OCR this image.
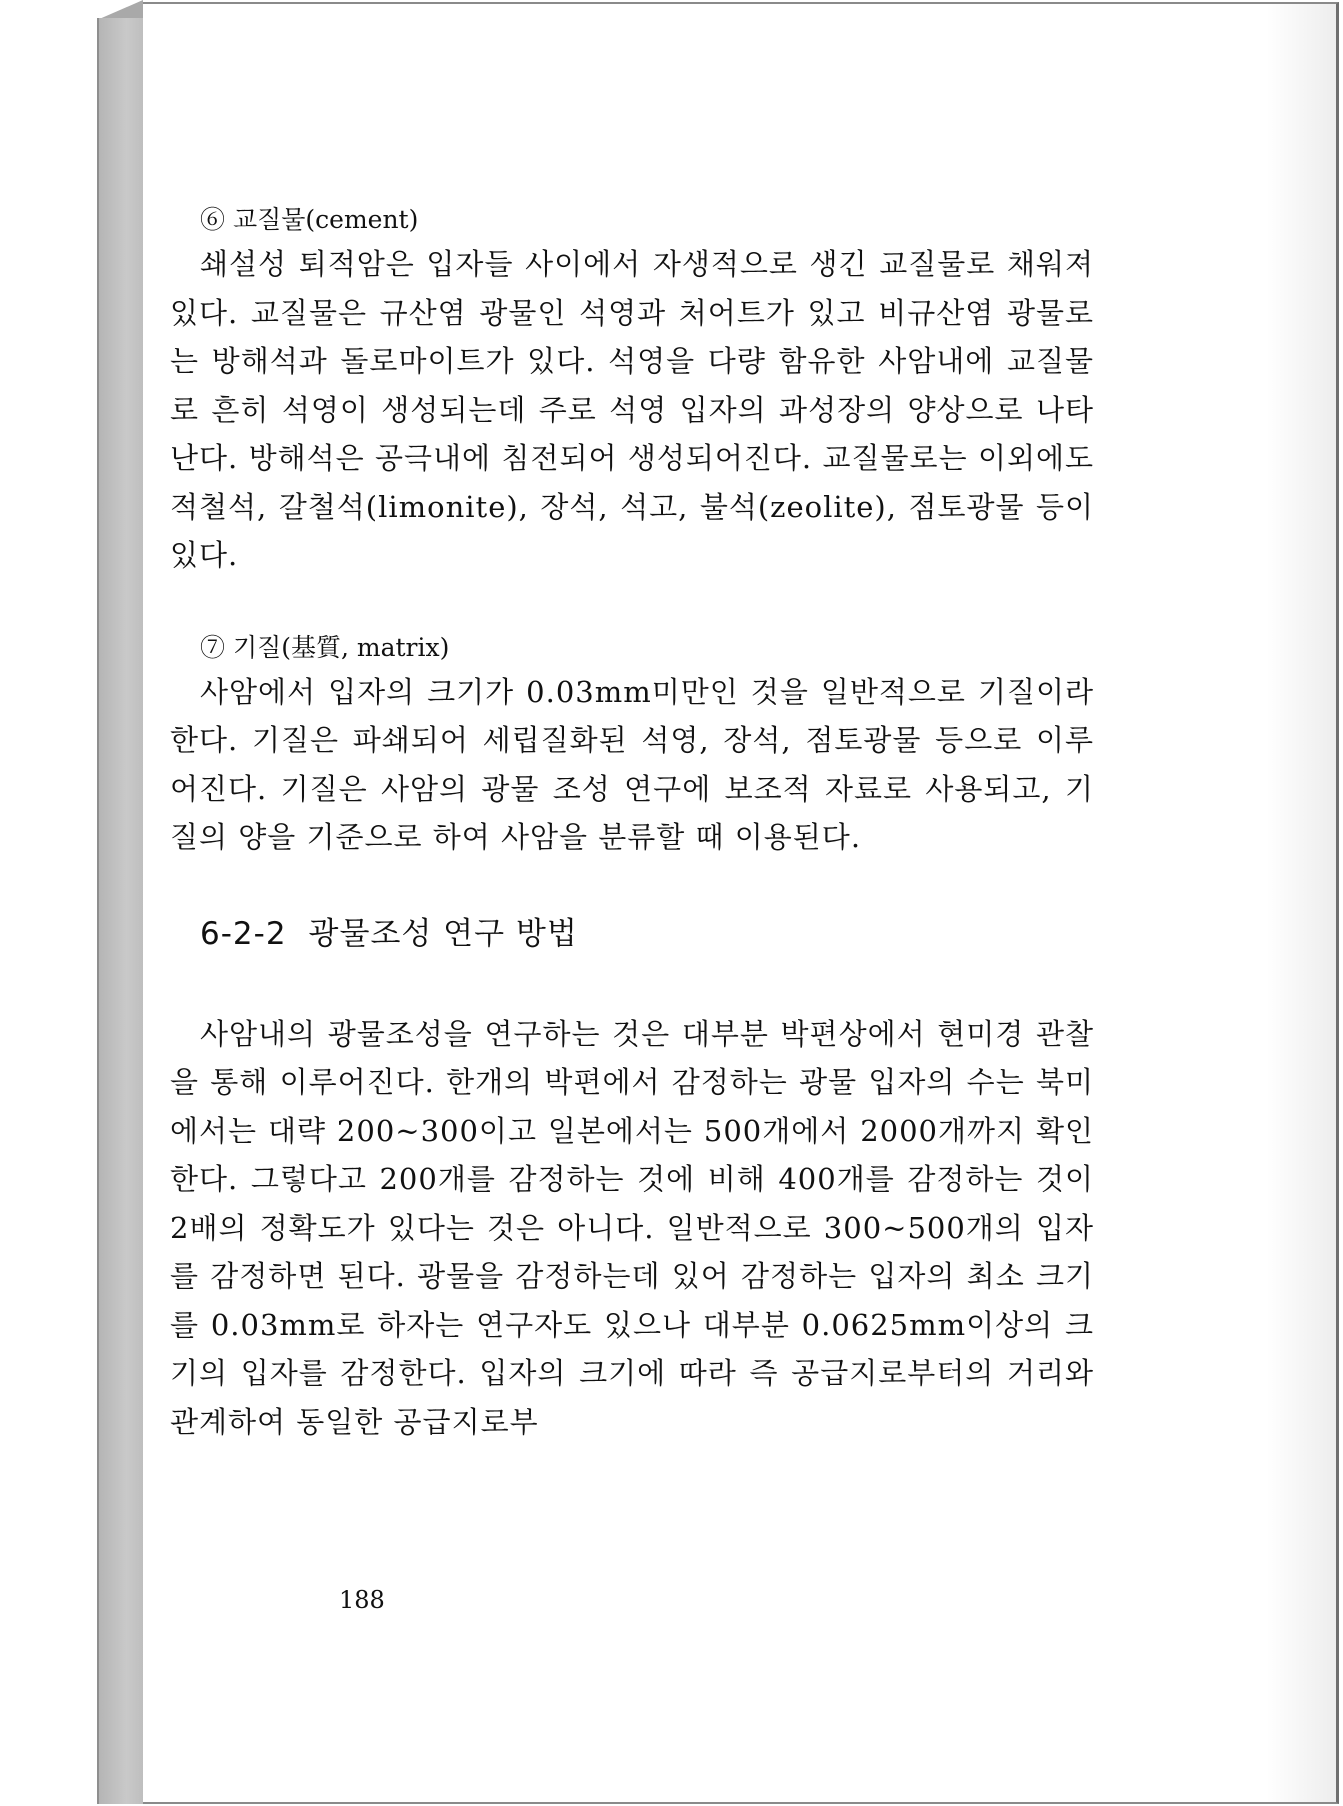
⑥ 교질물(cement)

쇄설성 퇴적암은 입자들 사이에서 자생적으로 생긴 교질물로 채워져 있다. 교질물은 규산염 광물인 석영과 처어트가 있고 비규산염 광물로는 방해석과 돌로마이트가 있다. 석영을 다량 함유한 사암내에 교질물로 흔히 석영이 생성되는데 주로 석영 입자의 과성장의 양상으로 나타난다. 방해석은 공극내에 침전되어 생성되어진다. 교질물로는 이외에도 적철석, 갈철석(limonite), 장석, 석고, 불석(zeolite), 점토광물 등이 있다.

⑦ 기질(基質, matrix)

사암에서 입자의 크기가 0.03mm미만인 것을 일반적으로 기질이라 한다. 기질은 파쇄되어 세립질화된 석영, 장석, 점토광물 등으로 이루어진다. 기질은 사암의 광물 조성 연구에 보조적 자료로 사용되고, 기질의 양을 기준으로 하여 사암을 분류할 때 이용된다.

6-2-2 광물조성 연구 방법

사암내의 광물조성을 연구하는 것은 대부분 박편상에서 현미경 관찰을 통해 이루어진다. 한개의 박편에서 감정하는 광물 입자의 수는 북미에서는 대략 200~300이고 일본에서는 500개에서 2000개까지 확인한다. 그렇다고 200개를 감정하는 것에 비해 400개를 감정하는 것이 2배의 정확도가 있다는 것은 아니다. 일반적으로 300~500개의 입자를 감정하면 된다. 광물을 감정하는데 있어 감정하는 입자의 최소 크기를 0.03mm로 하자는 연구자도 있으나 대부분 0.0625mm이상의 크기의 입자를 감정한다. 입자의 크기에 따라 즉 공급지로부터의 거리와 관계하여 동일한 공급지로부

188
